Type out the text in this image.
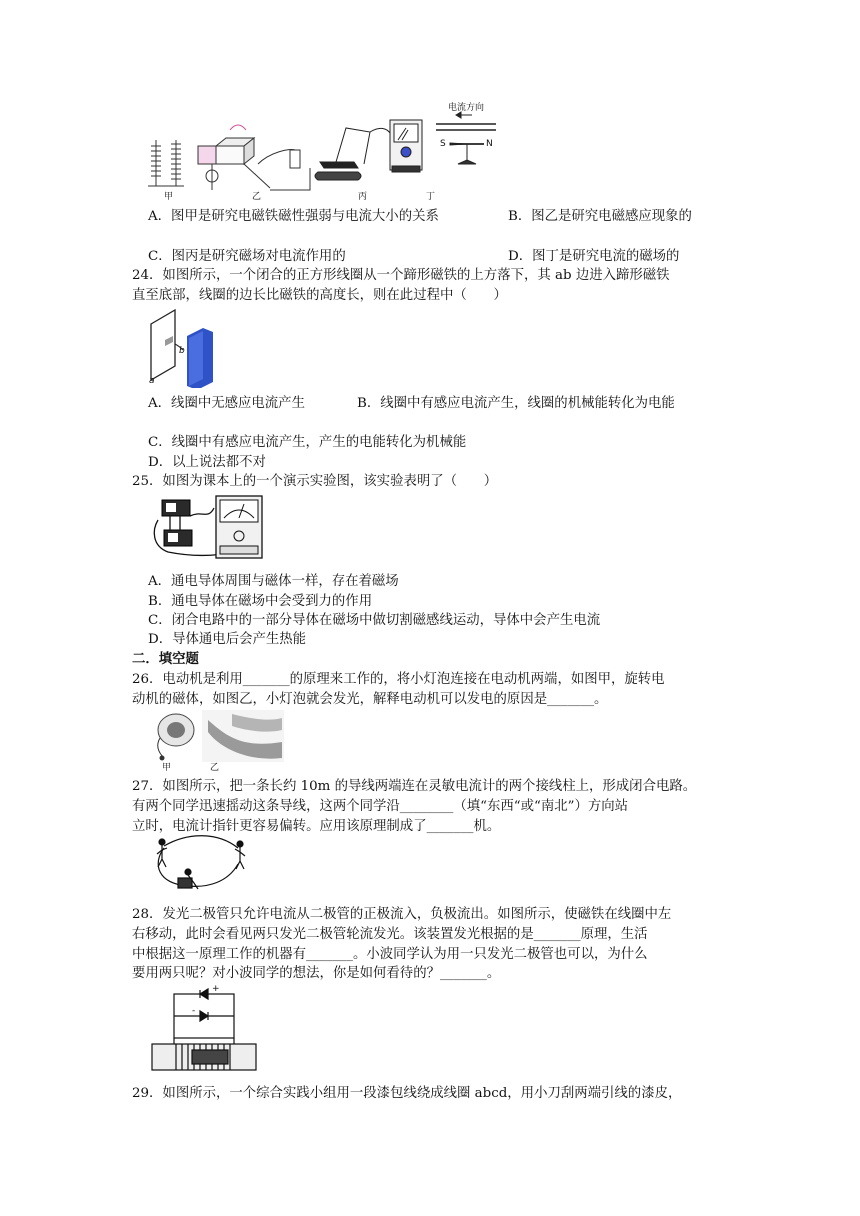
电流方向
S	N
甲	乙	丙	丁
A．图甲是研究电磁铁磁性强弱与电流大小的关系	B．图乙是研究电磁感应现象的
C．图丙是研究磁场对电流作用的	D．图丁是研究电流的磁场的
24．如图所示，一个闭合的正方形线圈从一个蹄形磁铁的上方落下，其 ab 边进入蹄形磁铁
直至底部，线圈的边长比磁铁的高度长，则在此过程中（　　）
a
b
A．线圈中无感应电流产生	B．线圈中有感应电流产生，线圈的机械能转化为电能
C．线圈中有感应电流产生，产生的电能转化为机械能
D．以上说法都不对
25．如图为课本上的一个演示实验图，该实验表明了（　　）
A．通电导体周围与磁体一样，存在着磁场
B．通电导体在磁场中会受到力的作用
C．闭合电路中的一部分导体在磁场中做切割磁感线运动，导体中会产生电流
D．导体通电后会产生热能
二．填空题
26．电动机是利用_______的原理来工作的，将小灯泡连接在电动机两端，如图甲，旋转电
动机的磁体，如图乙，小灯泡就会发光，解释电动机可以发电的原因是_______。
甲	乙
27．如图所示，把一条长约 10m 的导线两端连在灵敏电流计的两个接线柱上，形成闭合电路。
有两个同学迅速摇动这条导线，这两个同学沿________（填“东西“或“南北”）方向站
立时，电流计指针更容易偏转。应用该原理制成了_______机。
28．发光二极管只允许电流从二极管的正极流入，负极流出。如图所示，使磁铁在线圈中左
右移动，此时会看见两只发光二极管轮流发光。该装置发光根据的是_______原理，生活
中根据这一原理工作的机器有_______。小波同学认为用一只发光二极管也可以，为什么
要用两只呢？对小波同学的想法，你是如何看待的？_______。
+
-
29．如图所示，一个综合实践小组用一段漆包线绕成线圈 abcd，用小刀刮两端引线的漆皮，
